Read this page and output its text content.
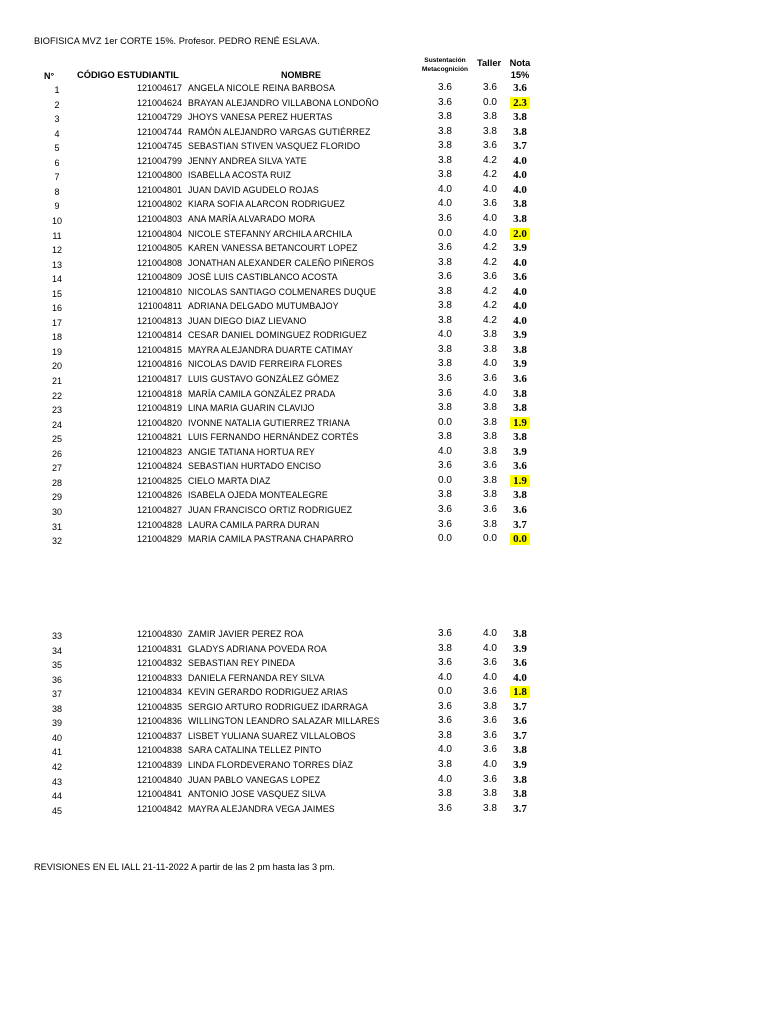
BIOFISICA MVZ 1er CORTE 15%. Profesor. PEDRO RENÉ ESLAVA.
N° CÓDIGO ESTUDIANTIL	NOMBRE
Sustentación
Metacognición
Taller Nota
15%
1	121004617 ANGELA NICOLE REINA BARBOSA	3.6	3.6	3.6
2	121004624 BRAYAN ALEJANDRO VILLABONA LONDOÑO	3.6	0.0	2.3
3	121004729 JHOYS VANESA PEREZ HUERTAS	3.8	3.8	3.8
4	121004744 RAMÓN ALEJANDRO VARGAS GUTIÉRREZ	3.8	3.8	3.8
5	121004745 SEBASTIAN STIVEN VASQUEZ FLORIDO	3.8	3.6	3.7
6	121004799 JENNY ANDREA SILVA YATE	3.8	4.2	4.0
7	121004800 ISABELLA ACOSTA RUIZ	3.8	4.2	4.0
8	121004801 JUAN DAVID AGUDELO ROJAS	4.0	4.0	4.0
9	121004802 KIARA SOFIA ALARCON RODRIGUEZ	4.0	3.6	3.8
10	121004803 ANA MARÍA ALVARADO MORA	3.6	4.0	3.8
11	121004804 NICOLE STEFANNY ARCHILA ARCHILA	0.0	4.0	2.0
12	121004805 KAREN VANESSA BETANCOURT LOPEZ	3.6	4.2	3.9
13	121004808 JONATHAN ALEXANDER CALEÑO PIÑEROS	3.8	4.2	4.0
14	121004809 JOSÈ LUIS CASTIBLANCO ACOSTA	3.6	3.6	3.6
15	121004810 NICOLAS SANTIAGO COLMENARES DUQUE	3.8	4.2	4.0
16	121004811 ADRIANA DELGADO MUTUMBAJOY	3.8	4.2	4.0
17	121004813 JUAN DIEGO DIAZ LIEVANO	3.8	4.2	4.0
18	121004814 CESAR DANIEL DOMINGUEZ RODRIGUEZ	4.0	3.8	3.9
19	121004815 MAYRA ALEJANDRA DUARTE CATIMAY	3.8	3.8	3.8
20	121004816 NICOLAS DAVID FERREIRA FLORES	3.8	4.0	3.9
21	121004817 LUIS GUSTAVO GONZÁLEZ GÓMEZ	3.6	3.6	3.6
22	121004818 MARÍA CAMILA GONZÁLEZ PRADA	3.6	4.0	3.8
23	121004819 LINA MARIA GUARIN CLAVIJO	3.8	3.8	3.8
24	121004820 IVONNE NATALIA GUTIERREZ TRIANA	0.0	3.8	1.9
25	121004821 LUIS FERNANDO HERNÁNDEZ CORTÉS	3.8	3.8	3.8
26	121004823 ANGIE TATIANA HORTUA REY	4.0	3.8	3.9
27	121004824 SEBASTIAN HURTADO ENCISO	3.6	3.6	3.6
28	121004825 CIELO MARTA DIAZ	0.0	3.8	1.9
29	121004826 ISABELA OJEDA MONTEALEGRE	3.8	3.8	3.8
30	121004827 JUAN FRANCISCO ORTIZ RODRIGUEZ	3.6	3.6	3.6
31	121004828 LAURA CAMILA PARRA DURAN	3.6	3.8	3.7
32	121004829 MARIA CAMILA PASTRANA CHAPARRO	0.0	0.0	0.0
33	121004830 ZAMIR JAVIER PEREZ ROA	3.6	4.0	3.8
34	121004831 GLADYS ADRIANA POVEDA ROA	3.8	4.0	3.9
35	121004832 SEBASTIAN REY PINEDA	3.6	3.6	3.6
36	121004833 DANIELA FERNANDA REY SILVA	4.0	4.0	4.0
37	121004834 KEVIN GERARDO RODRIGUEZ ARIAS	0.0	3.6	1.8
38	121004835 SERGIO ARTURO RODRIGUEZ IDARRAGA	3.6	3.8	3.7
39	121004836 WILLINGTON LEANDRO SALAZAR MILLARES	3.6	3.6	3.6
40	121004837 LISBET YULIANA SUAREZ VILLALOBOS	3.8	3.6	3.7
41	121004838 SARA CATALINA TELLEZ PINTO	4.0	3.6	3.8
42	121004839 LINDA FLORDEVERANO TORRES DÍAZ	3.8	4.0	3.9
43	121004840 JUAN PABLO VANEGAS LOPEZ	4.0	3.6	3.8
44	121004841 ANTONIO JOSE VASQUEZ SILVA	3.8	3.8	3.8
45	121004842 MAYRA ALEJANDRA VEGA JAIMES	3.6	3.8	3.7
REVISIONES EN EL IALL 21-11-2022 A partir de las 2 pm hasta las 3 pm.
